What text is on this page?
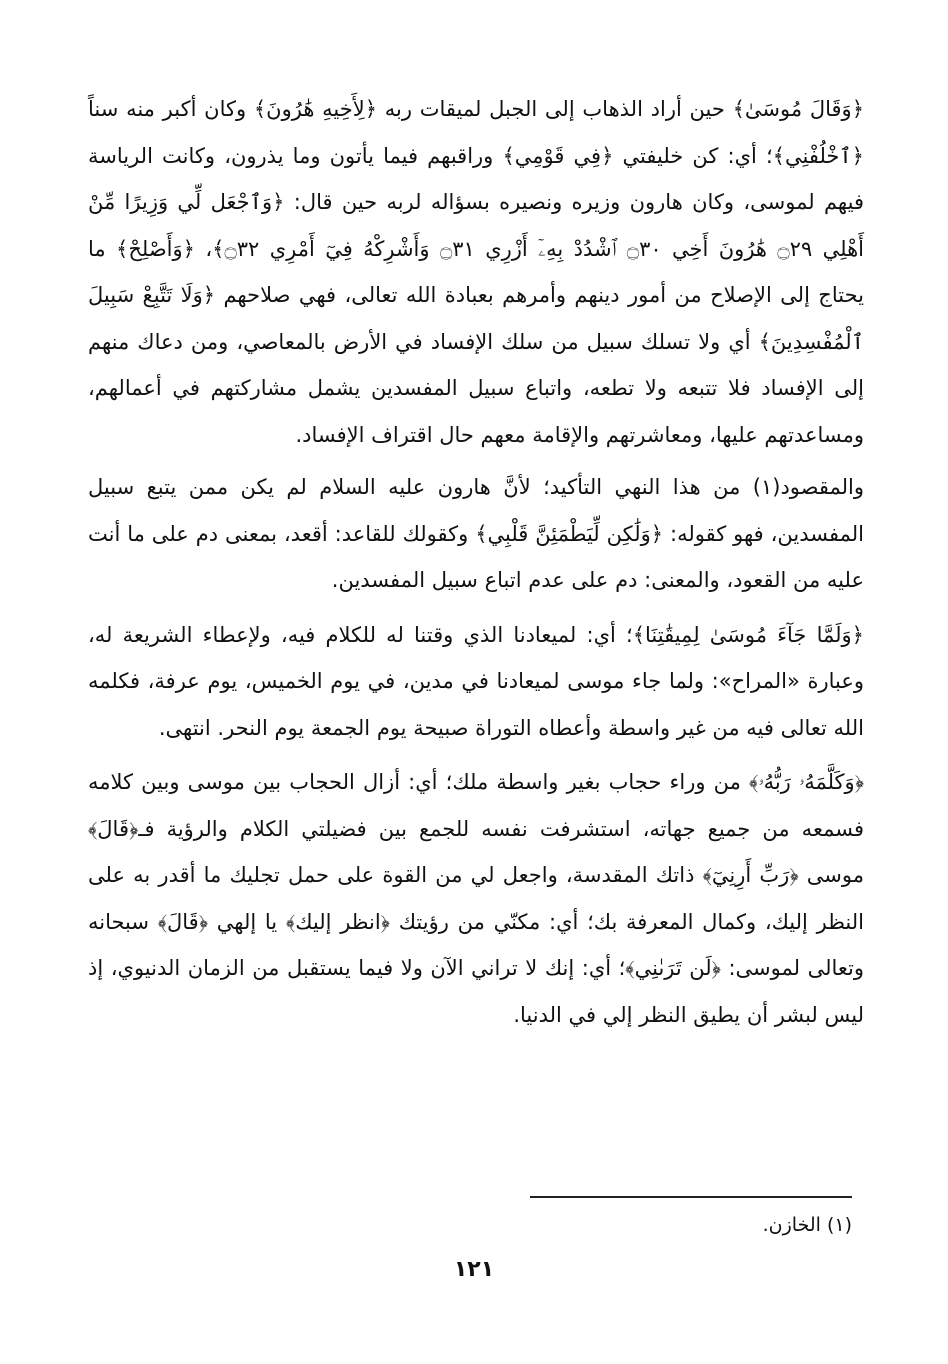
﴿وَقَالَ مُوسَىٰ﴾ حين أراد الذهاب إلى الجبل لميقات ربه ﴿لِأَخِيهِ هَٰرُونَ﴾ وكان أكبر منه سناً ﴿ٱخْلُفْنِي﴾؛ أي: كن خليفتي ﴿فِي قَوْمِي﴾ وراقبهم فيما يأتون وما يذرون، وكانت الرياسة فيهم لموسى، وكان هارون وزيره ونصيره بسؤاله لربه حين قال: ﴿وَٱجْعَل لِّي وَزِيرًا مِّنْ أَهْلِي ۝٢٩ هَٰرُونَ أَخِي ۝٣٠ ٱشْدُدْ بِهِۦٓ أَزْرِي ۝٣١ وَأَشْرِكْهُ فِيٓ أَمْرِي ۝٣٢﴾، ﴿وَأَصْلِحْ﴾ ما يحتاج إلى الإصلاح من أمور دينهم وأمرهم بعبادة الله تعالى، فهي صلاحهم ﴿وَلَا تَتَّبِعْ سَبِيلَ ٱلْمُفْسِدِينَ﴾ أي ولا تسلك سبيل من سلك الإفساد في الأرض بالمعاصي، ومن دعاك منهم إلى الإفساد فلا تتبعه ولا تطعه، واتباع سبيل المفسدين يشمل مشاركتهم في أعمالهم، ومساعدتهم عليها، ومعاشرتهم والإقامة معهم حال اقتراف الإفساد.

والمقصود(١) من هذا النهي التأكيد؛ لأنَّ هارون عليه السلام لم يكن ممن يتبع سبيل المفسدين، فهو كقوله: ﴿وَلَٰكِن لِّيَطْمَئِنَّ قَلْبِي﴾ وكقولك للقاعد: أقعد، بمعنى دم على ما أنت عليه من القعود، والمعنى: دم على عدم اتباع سبيل المفسدين.

﴿وَلَمَّا جَآءَ مُوسَىٰ لِمِيقَٰتِنَا﴾؛ أي: لميعادنا الذي وقتنا له للكلام فيه، ولإعطاء الشريعة له، وعبارة «المراح»: ولما جاء موسى لميعادنا في مدين، في يوم الخميس، يوم عرفة، فكلمه الله تعالى فيه من غير واسطة وأعطاه التوراة صبيحة يوم الجمعة يوم النحر. انتهى.

﴿وَكَلَّمَهُۥ رَبُّهُۥ﴾ من وراء حجاب بغير واسطة ملك؛ أي: أزال الحجاب بين موسى وبين كلامه فسمعه من جميع جهاته، استشرفت نفسه للجمع بين فضيلتي الكلام والرؤية فـ﴿قَالَ﴾ موسى ﴿رَبِّ أَرِنِيٓ﴾ ذاتك المقدسة، واجعل لي من القوة على حمل تجليك ما أقدر به على النظر إليك، وكمال المعرفة بك؛ أي: مكنّي من رؤيتك ﴿انظر إليك﴾ يا إلهي ﴿قَالَ﴾ سبحانه وتعالى لموسى: ﴿لَن تَرَىٰنِي﴾؛ أي: إنك لا تراني الآن ولا فيما يستقبل من الزمان الدنيوي، إذ ليس لبشر أن يطيق النظر إلي في الدنيا.

(١) الخازن.
١٢١
